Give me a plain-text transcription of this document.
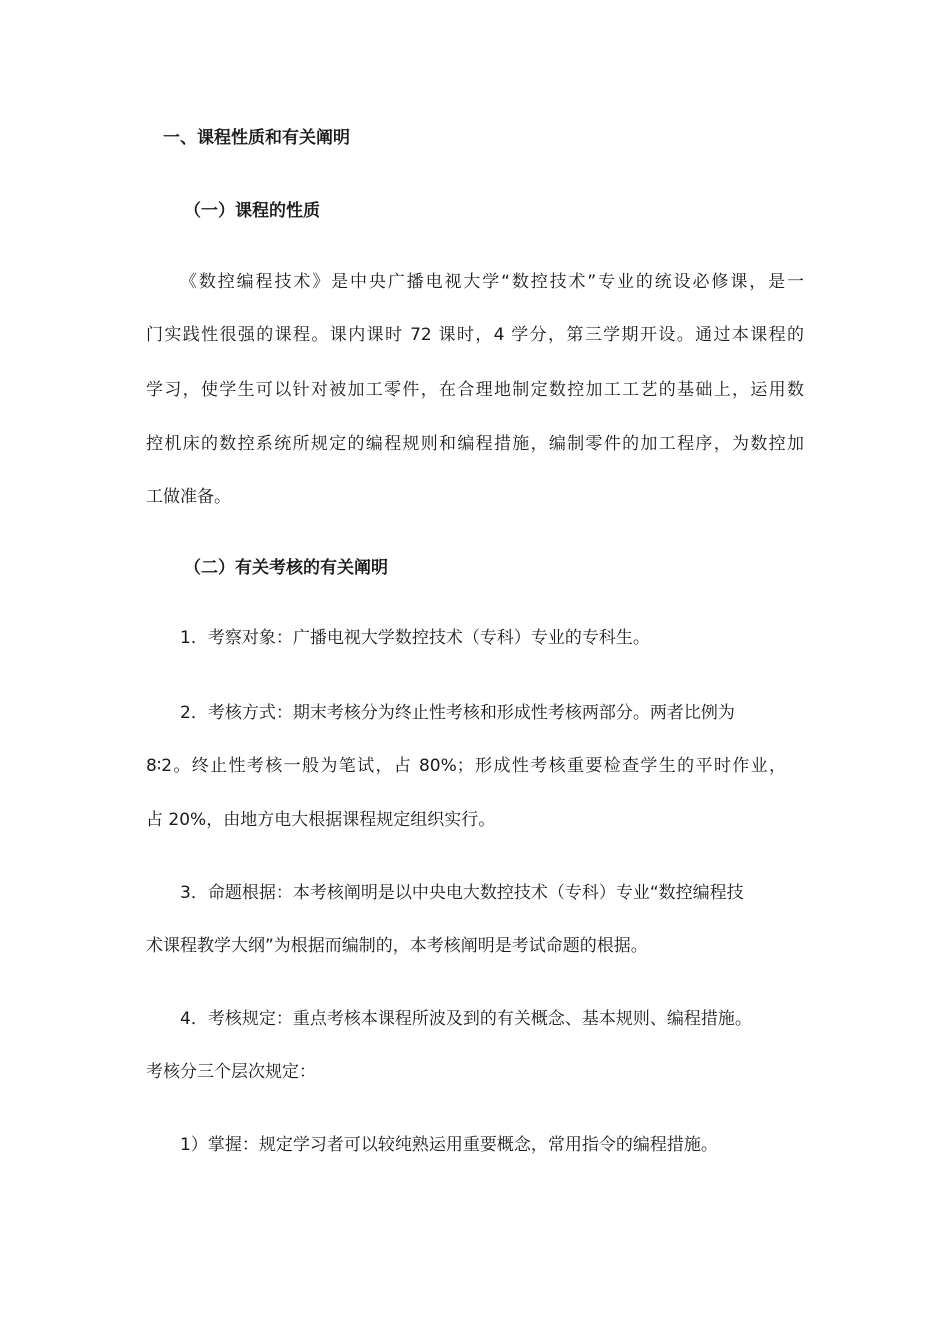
一、课程性质和有关阐明
（一）课程的性质
《数控编程技术》是中央广播电视大学“数控技术”专业的统设必修课，是一
门实践性很强的课程。课内课时 72 课时，4 学分，第三学期开设。通过本课程的
学习，使学生可以针对被加工零件，在合理地制定数控加工工艺的基础上，运用数
控机床的数控系统所规定的编程规则和编程措施，编制零件的加工程序，为数控加
工做准备。
（二）有关考核的有关阐明
1．考察对象：广播电视大学数控技术（专科）专业的专科生。
2．考核方式：期末考核分为终止性考核和形成性考核两部分。两者比例为
8∶2。终止性考核一般为笔试，占 80%；形成性考核重要检查学生的平时作业，
占 20%，由地方电大根据课程规定组织实行。
3．命题根据：本考核阐明是以中央电大数控技术（专科）专业“数控编程技
术课程教学大纲”为根据而编制的，本考核阐明是考试命题的根据。
4．考核规定：重点考核本课程所波及到的有关概念、基本规则、编程措施。
考核分三个层次规定：
1）掌握：规定学习者可以较纯熟运用重要概念，常用指令的编程措施。
